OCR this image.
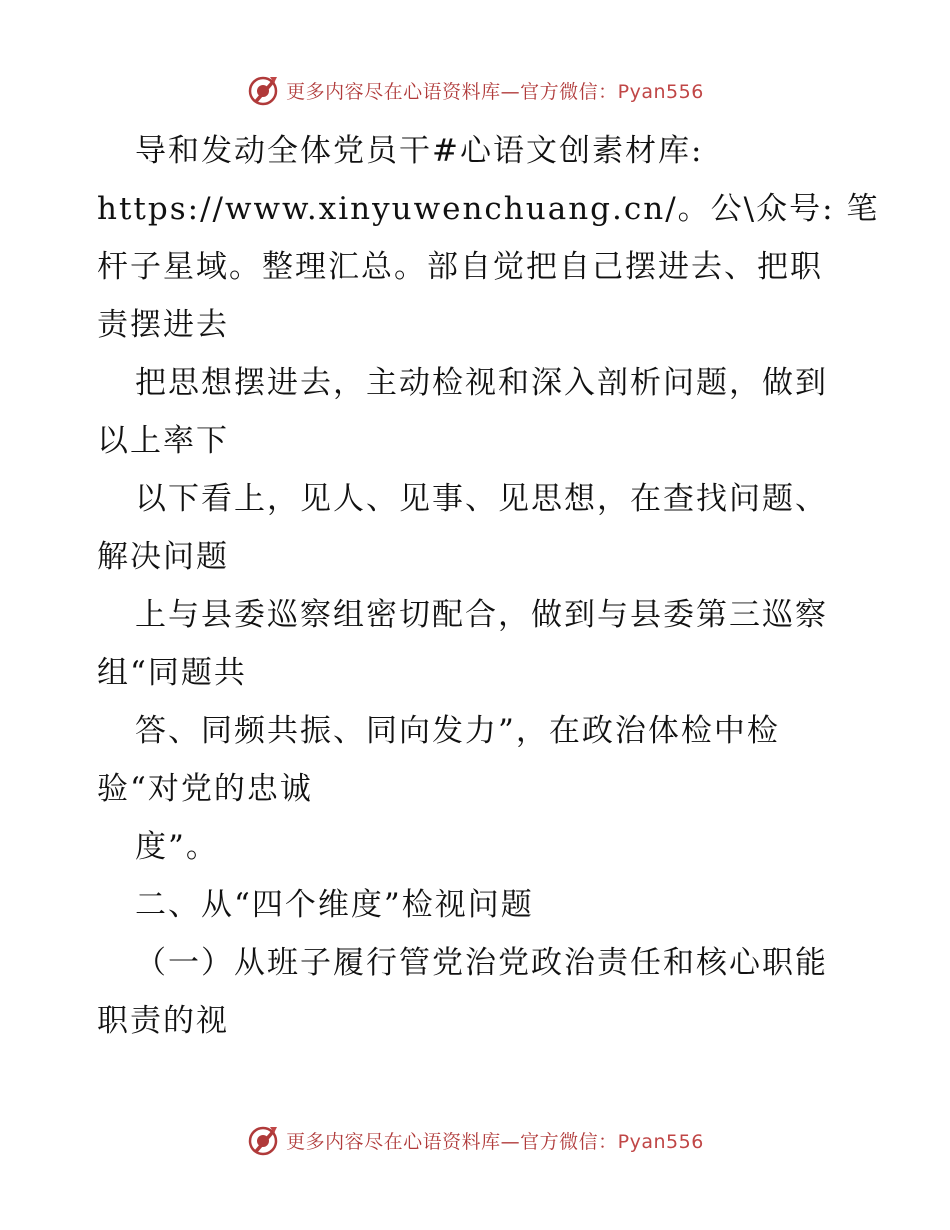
更多内容尽在心语资料库—官方微信：Pyan556
导和发动全体党员干#心语文创素材库:
https://www.xinyuwenchuang.cn/。公\众号: 笔
杆子星域。整理汇总。部自觉把自己摆进去、把职
责摆进去
把思想摆进去，主动检视和深入剖析问题，做到
以上率下
以下看上，见人、见事、见思想，在查找问题、
解决问题
上与县委巡察组密切配合，做到与县委第三巡察
组“同题共
答、同频共振、同向发力”，在政治体检中检
验“对党的忠诚
度”。
二、从“四个维度”检视问题
（一）从班子履行管党治党政治责任和核心职能
职责的视
更多内容尽在心语资料库—官方微信：Pyan556
